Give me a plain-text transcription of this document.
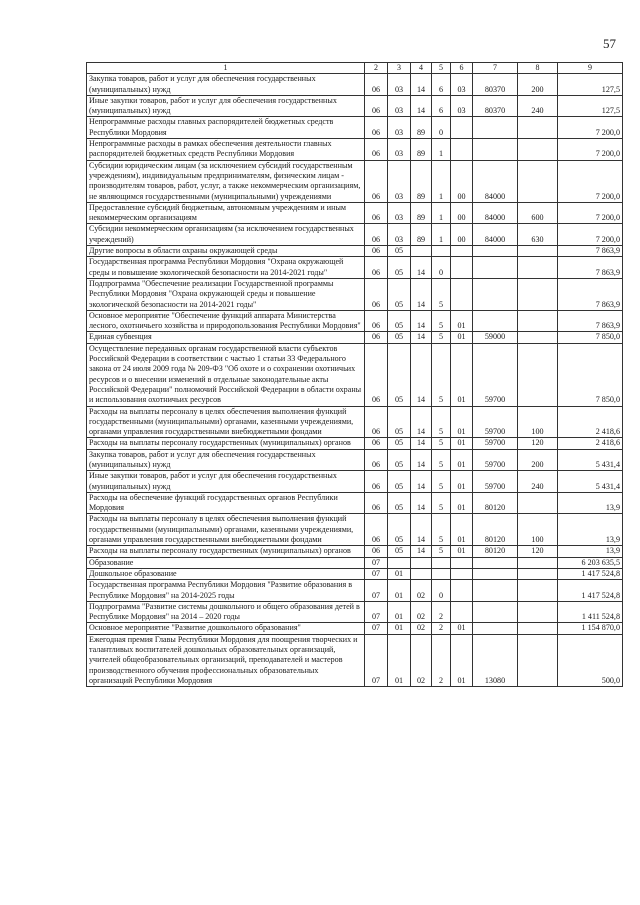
57
1	2	3	4	5	6	7	8	9
Закупка товаров, работ и услуг для обеспечения государственных (муниципальных) нужд	06	03	14	6	03	80370	200	127,5
Иные закупки товаров, работ и услуг для обеспечения государственных (муниципальных) нужд	06	03	14	6	03	80370	240	127,5
Непрограммные расходы главных распорядителей бюджетных средств Республики Мордовия	06	03	89	0				7 200,0
Непрограммные расходы в рамках обеспечения деятельности главных распорядителей бюджетных средств Республики Мордовия	06	03	89	1				7 200,0
Субсидии юридическим лицам (за исключением субсидий государственным учреждениям), индивидуальным предпринимателям, физическим лицам - производителям товаров, работ, услуг, а также некоммерческим организациям, не являющимся государственными (муниципальными) учреждениями	06	03	89	1	00	84000		7 200,0
Предоставление субсидий бюджетным, автономным учреждениям и иным некоммерческим организациям	06	03	89	1	00	84000	600	7 200,0
Субсидии некоммерческим организациям (за исключением государственных учреждений)	06	03	89	1	00	84000	630	7 200,0
Другие вопросы в области охраны окружающей среды	06	05						7 863,9
Государственная программа Республики Мордовия "Охрана окружающей среды и повышение экологической безопасности на 2014-2021 годы"	06	05	14	0				7 863,9
Подпрограмма "Обеспечение реализации Государственной программы Республики Мордовия "Охрана окружающей среды и повышение экологической безопасности на 2014-2021 годы"	06	05	14	5				7 863,9
Основное мероприятие "Обеспечение функций аппарата Министерства лесного, охотничьего хозяйства и природопользования Республики Мордовия"	06	05	14	5	01			7 863,9
Единая субвенция	06	05	14	5	01	59000		7 850,0
Осуществление переданных органам государственной власти субъектов Российской Федерации в соответствии с частью 1 статьи 33 Федерального закона от 24 июля 2009 года № 209-ФЗ "Об охоте и о сохранении охотничьих ресурсов и о внесении изменений в отдельные законодательные акты Российской Федерации" полномочий Российской Федерации в области охраны и использования охотничьих ресурсов	06	05	14	5	01	59700		7 850,0
Расходы на выплаты персоналу в целях обеспечения выполнения функций государственными (муниципальными) органами, казенными учреждениями, органами управления государственными внебюджетными фондами	06	05	14	5	01	59700	100	2 418,6
Расходы на выплаты персоналу государственных (муниципальных) органов	06	05	14	5	01	59700	120	2 418,6
Закупка товаров, работ и услуг для обеспечения государственных (муниципальных) нужд	06	05	14	5	01	59700	200	5 431,4
Иные закупки товаров, работ и услуг для обеспечения государственных (муниципальных) нужд	06	05	14	5	01	59700	240	5 431,4
Расходы на обеспечение функций государственных органов Республики Мордовия	06	05	14	5	01	80120		13,9
Расходы на выплаты персоналу в целях обеспечения выполнения функций государственными (муниципальными) органами, казенными учреждениями, органами управления государственными внебюджетными фондами	06	05	14	5	01	80120	100	13,9
Расходы на выплаты персоналу государственных (муниципальных) органов	06	05	14	5	01	80120	120	13,9
Образование	07							6 203 635,5
Дошкольное образование	07	01						1 417 524,8
Государственная программа Республики Мордовия "Развитие образования в Республике Мордовия" на 2014-2025 годы	07	01	02	0				1 417 524,8
Подпрограмма "Развитие системы дошкольного и общего образования детей в Республике Мордовия" на 2014 – 2020 годы	07	01	02	2				1 411 524,8
Основное мероприятие "Развитие дошкольного образования"	07	01	02	2	01			1 154 870,0
Ежегодная премия Главы Республики Мордовия для поощрения творческих и талантливых воспитателей дошкольных образовательных организаций, учителей общеобразовательных организаций, преподавателей и мастеров производственного обучения профессиональных образовательных организаций Республики Мордовия	07	01	02	2	01	13080		500,0
